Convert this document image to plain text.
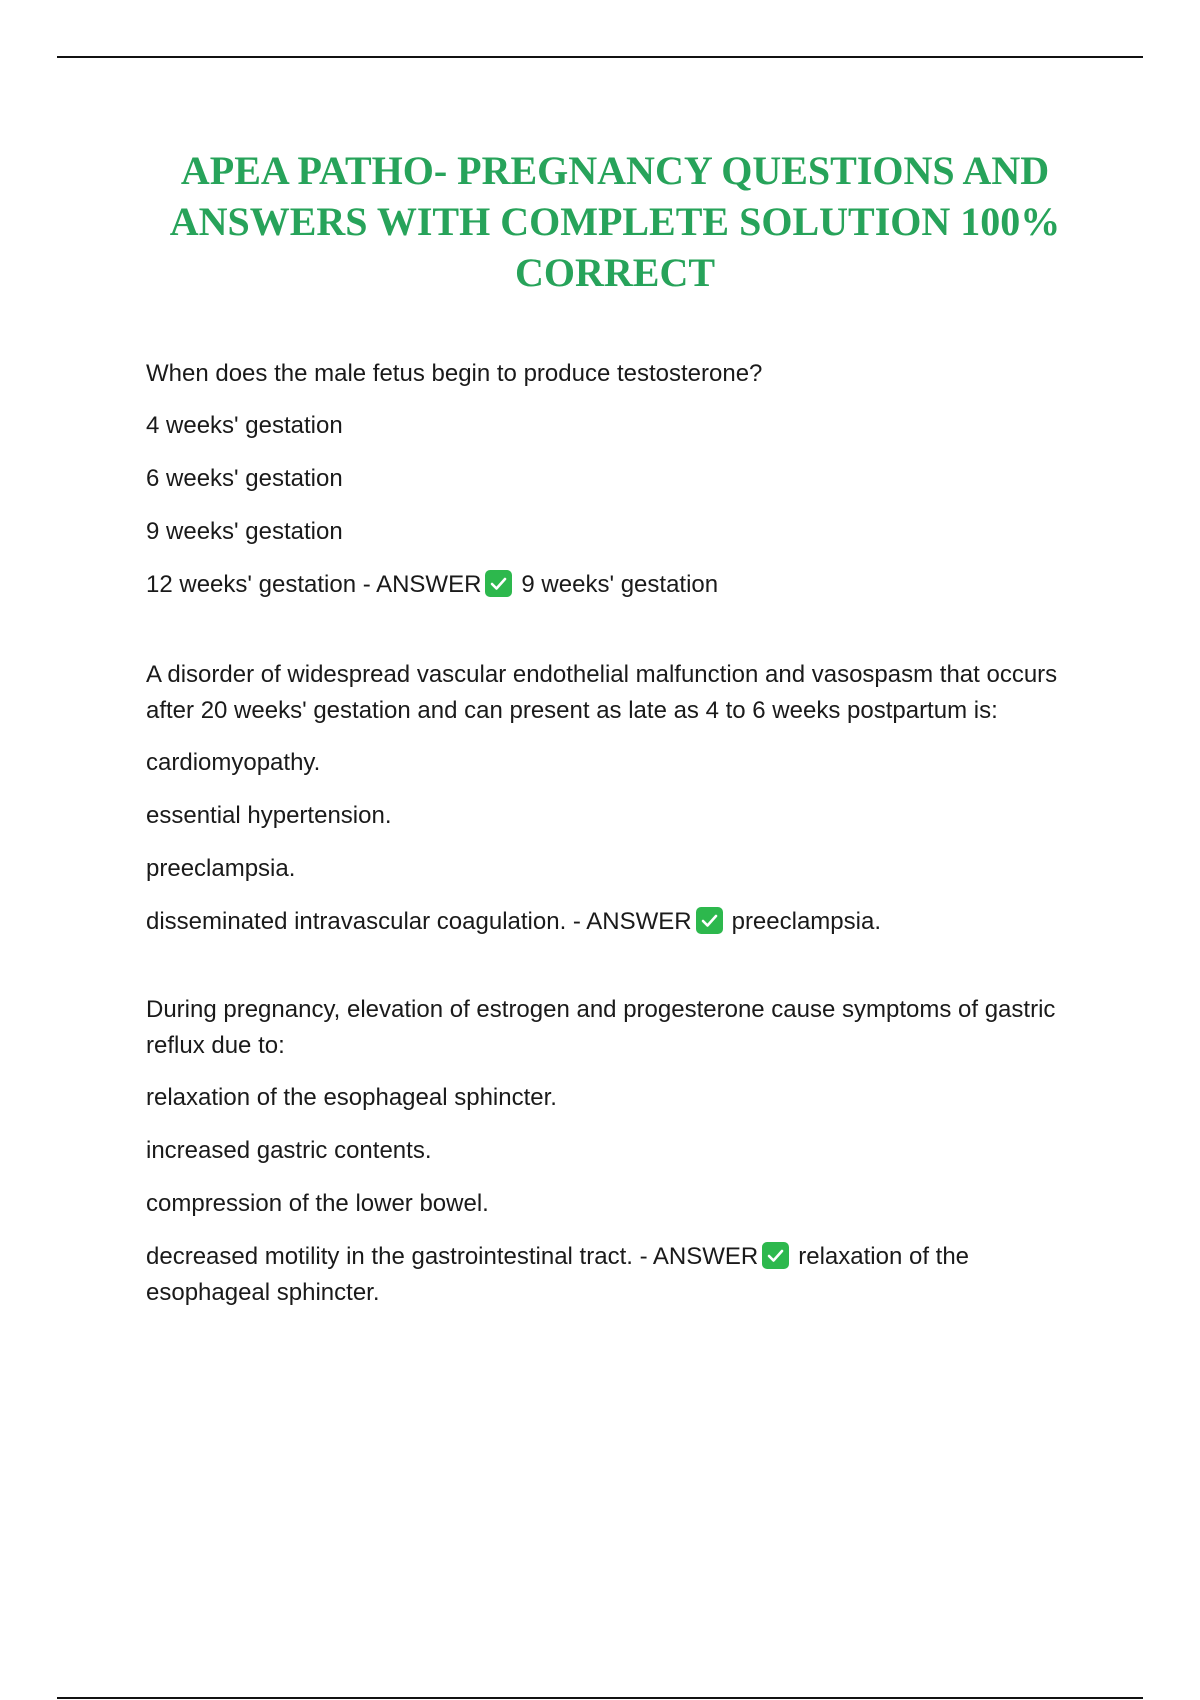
APEA PATHO- PREGNANCY QUESTIONS AND ANSWERS WITH COMPLETE SOLUTION 100% CORRECT

When does the male fetus begin to produce testosterone?

4 weeks' gestation

6 weeks' gestation

9 weeks' gestation

12 weeks' gestation - ANSWER 9 weeks' gestation

A disorder of widespread vascular endothelial malfunction and vasospasm that occurs after 20 weeks' gestation and can present as late as 4 to 6 weeks postpartum is:

cardiomyopathy.

essential hypertension.

preeclampsia.

disseminated intravascular coagulation. - ANSWER preeclampsia.

During pregnancy, elevation of estrogen and progesterone cause symptoms of gastric reflux due to:

relaxation of the esophageal sphincter.

increased gastric contents.

compression of the lower bowel.

decreased motility in the gastrointestinal tract. - ANSWER relaxation of the esophageal sphincter.
